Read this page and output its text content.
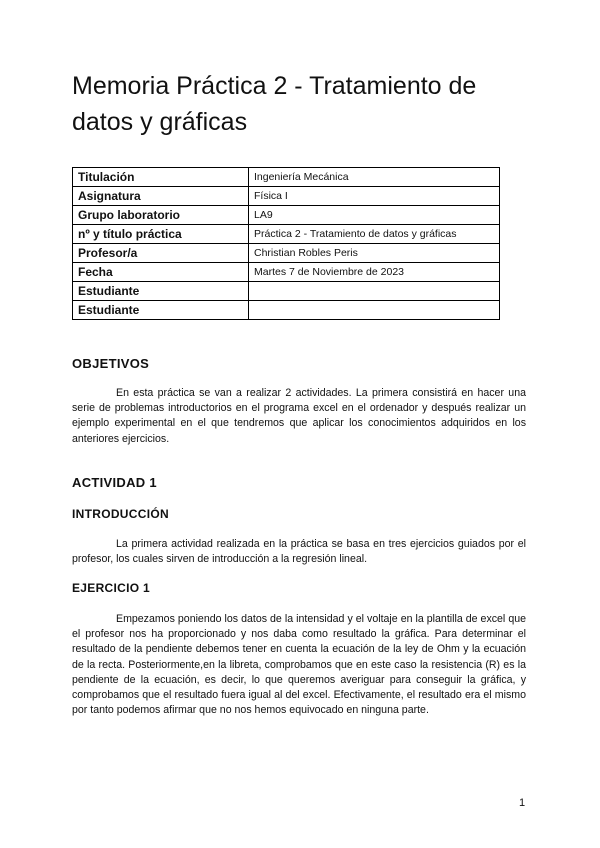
Memoria Práctica 2 - Tratamiento de datos y gráficas
Titulación	Ingeniería Mecánica
Asignatura	Física I
Grupo laboratorio	LA9
nº y título práctica	Práctica 2 - Tratamiento de datos y gráficas
Profesor/a	Christian Robles Peris
Fecha	Martes 7 de Noviembre de 2023
Estudiante	
Estudiante	
OBJETIVOS

En esta práctica se van a realizar 2 actividades. La primera consistirá en hacer una serie de problemas introductorios en el programa excel en el ordenador y después realizar un ejemplo experimental en el que tendremos que aplicar los conocimientos adquiridos en los anteriores ejercicios.

ACTIVIDAD 1
INTRODUCCIÓN

La primera actividad realizada en la práctica se basa en tres ejercicios guiados por el profesor, los cuales sirven de introducción a la regresión lineal.

EJERCICIO 1

Empezamos poniendo los datos de la intensidad y el voltaje en la plantilla de excel que el profesor nos ha proporcionado y nos daba como resultado la gráfica. Para determinar el resultado de la pendiente debemos tener en cuenta la ecuación de la ley de Ohm y la ecuación de la recta. Posteriormente,en la libreta, comprobamos que en este caso la resistencia (R) es la pendiente de la ecuación, es decir, lo que queremos averiguar para conseguir la gráfica, y comprobamos que el resultado fuera igual al del excel. Efectivamente, el resultado era el mismo por tanto podemos afirmar que no nos hemos equivocado en ninguna parte.

1
